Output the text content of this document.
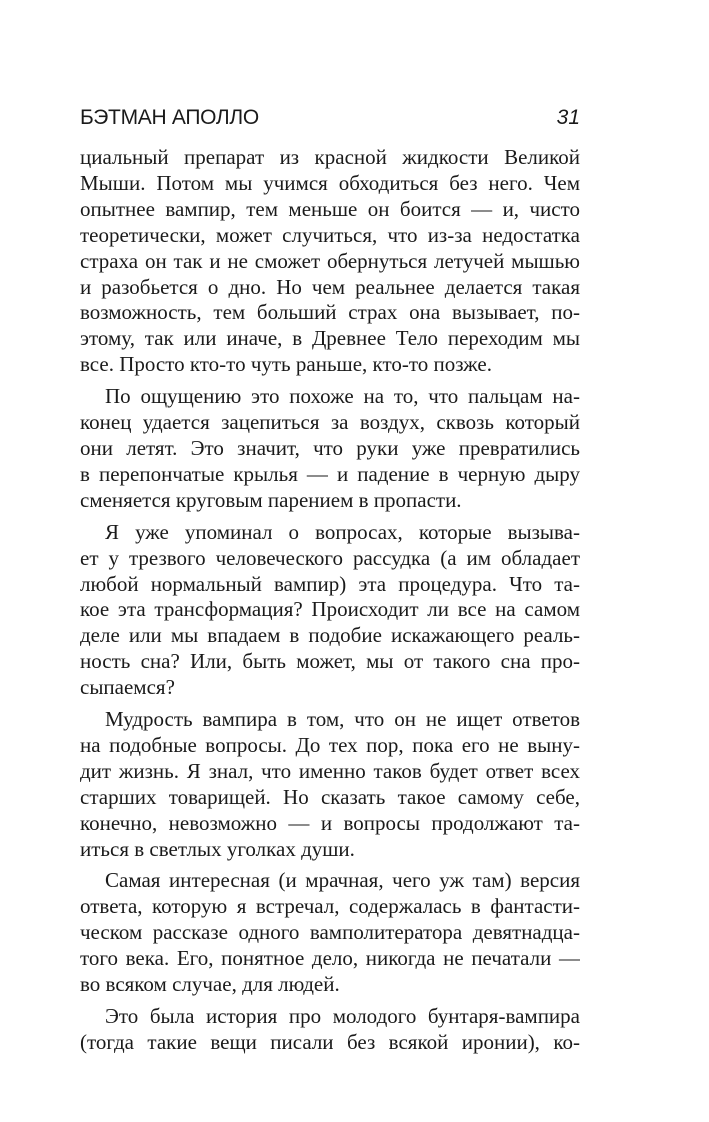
БЭТМАН АПОЛЛО	31
циальный препарат из красной жидкости Великой
Мыши. Потом мы учимся обходиться без него. Чем
опытнее вампир, тем меньше он боится — и, чисто
теоретически, может случиться, что из-за недостатка
страха он так и не сможет обернуться летучей мышью
и разобьется о дно. Но чем реальнее делается такая
возможность, тем больший страх она вызывает, по-
этому, так или иначе, в Древнее Тело переходим мы
все. Просто кто-то чуть раньше, кто-то позже.
По ощущению это похоже на то, что пальцам на-
конец удается зацепиться за воздух, сквозь который
они летят. Это значит, что руки уже превратились
в перепончатые крылья — и падение в черную дыру
сменяется круговым парением в пропасти.
Я уже упоминал о вопросах, которые вызыва-
ет у трезвого человеческого рассудка (а им обладает
любой нормальный вампир) эта процедура. Что та-
кое эта трансформация? Происходит ли все на самом
деле или мы впадаем в подобие искажающего реаль-
ность сна? Или, быть может, мы от такого сна про-
сыпаемся?
Мудрость вампира в том, что он не ищет ответов
на подобные вопросы. До тех пор, пока его не выну-
дит жизнь. Я знал, что именно таков будет ответ всех
старших товарищей. Но сказать такое самому себе,
конечно, невозможно — и вопросы продолжают та-
иться в светлых уголках души.
Самая интересная (и мрачная, чего уж там) версия
ответа, которую я встречал, содержалась в фантасти-
ческом рассказе одного вамполитератора девятнадца-
того века. Его, понятное дело, никогда не печатали —
во всяком случае, для людей.
Это была история про молодого бунтаря-вампира
(тогда такие вещи писали без всякой иронии), ко-
